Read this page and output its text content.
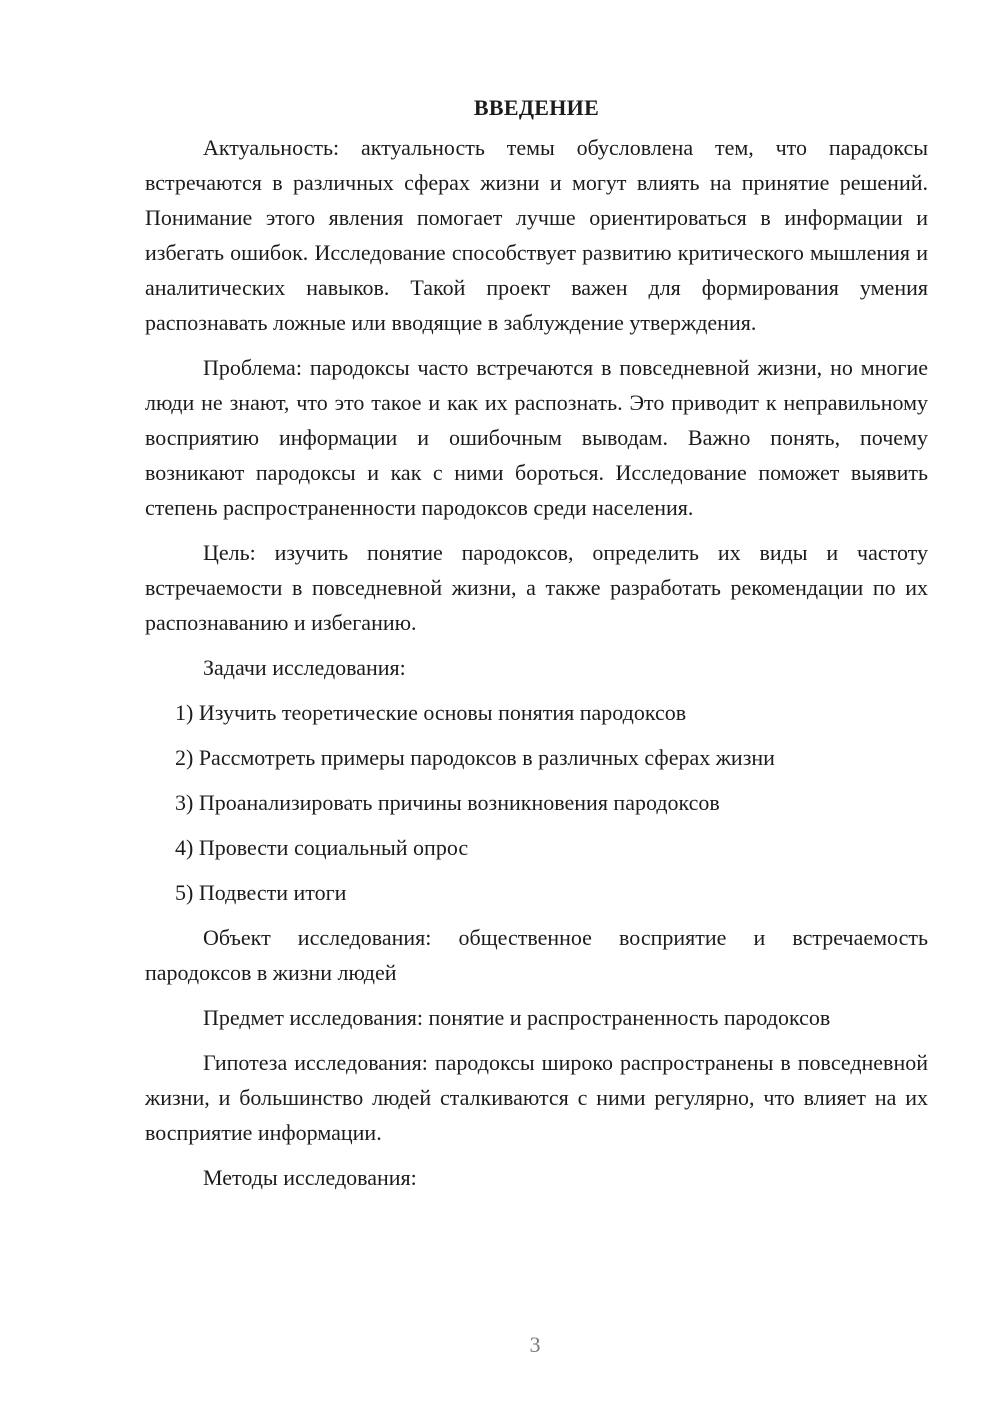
ВВЕДЕНИЕ

Актуальность: актуальность темы обусловлена тем, что парадоксы встречаются в различных сферах жизни и могут влиять на принятие решений. Понимание этого явления помогает лучше ориентироваться в информации и избегать ошибок. Исследование способствует развитию критического мышления и аналитических навыков. Такой проект важен для формирования умения распознавать ложные или вводящие в заблуждение утверждения.

Проблема: пародоксы часто встречаются в повседневной жизни, но многие люди не знают, что это такое и как их распознать. Это приводит к неправильному восприятию информации и ошибочным выводам. Важно понять, почему возникают пародоксы и как с ними бороться. Исследование поможет выявить степень распространенности пародоксов среди населения.

Цель: изучить понятие пародоксов, определить их виды и частоту встречаемости в повседневной жизни, а также разработать рекомендации по их распознаванию и избеганию.

Задачи исследования:

1) Изучить теоретические основы понятия пародоксов
2) Рассмотреть примеры пародоксов в различных сферах жизни
3) Проанализировать причины возникновения пародоксов
4) Провести социальный опрос
5) Подвести итоги

Объект исследования: общественное восприятие и встречаемость пародоксов в жизни людей

Предмет исследования: понятие и распространенность пародоксов

Гипотеза исследования: пародоксы широко распространены в повседневной жизни, и большинство людей сталкиваются с ними регулярно, что влияет на их восприятие информации.

Методы исследования:

3
